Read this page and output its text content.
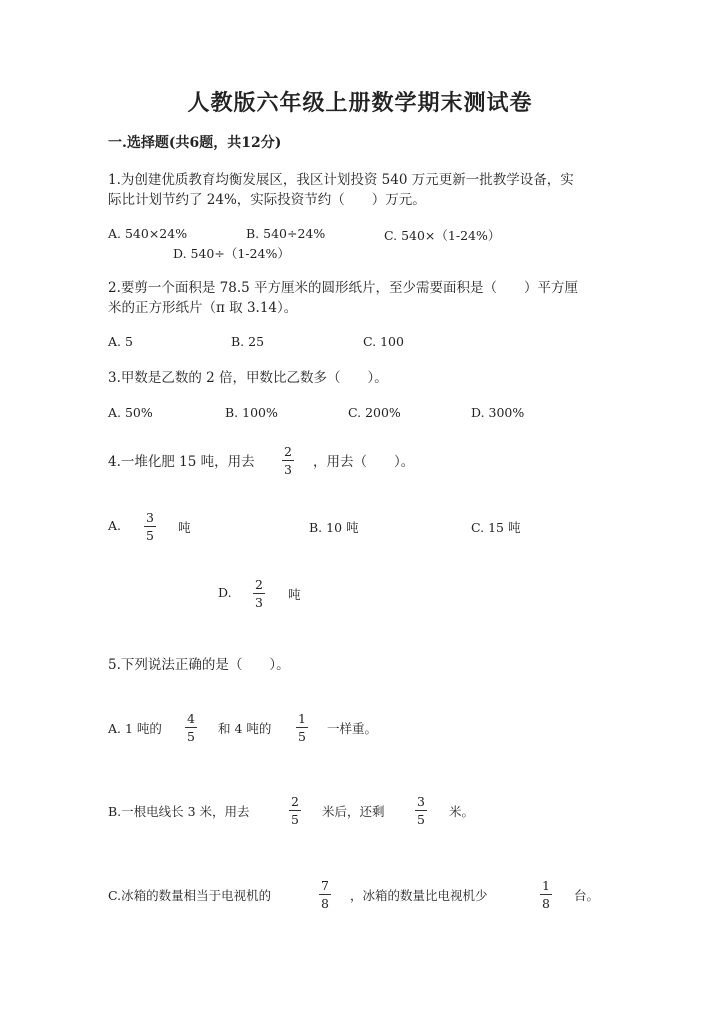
人教版六年级上册数学期末测试卷
一.选择题(共6题，共12分)
1.为创建优质教育均衡发展区，我区计划投资 540 万元更新一批教学设备，实
际比计划节约了 24%，实际投资节约（　　）万元。
A. 540×24%	B. 540÷24%	C. 540×（1-24%）
D. 540÷（1-24%）
2.要剪一个面积是 78.5 平方厘米的圆形纸片，至少需要面积是（　　）平方厘
米的正方形纸片（π 取 3.14）。
A. 5	B. 25	C. 100
3.甲数是乙数的 2 倍，甲数比乙数多（　　）。
A. 50%	B. 100%	C. 200%	D. 300%
4.一堆化肥 15 吨，用去
2
3 ，用去（　　）。
A.
3
5
吨	B. 10 吨	C. 15 吨
D.
2
3
吨
5.下列说法正确的是（　　）。
A. 1 吨的
4
5
和 4 吨的
1
5
一样重。
B.一根电线长 3 米，用去
2
5
米后，还剩
3
5
米。
C.冰箱的数量相当于电视机的
7
8
，冰箱的数量比电视机少
1
8
台。
